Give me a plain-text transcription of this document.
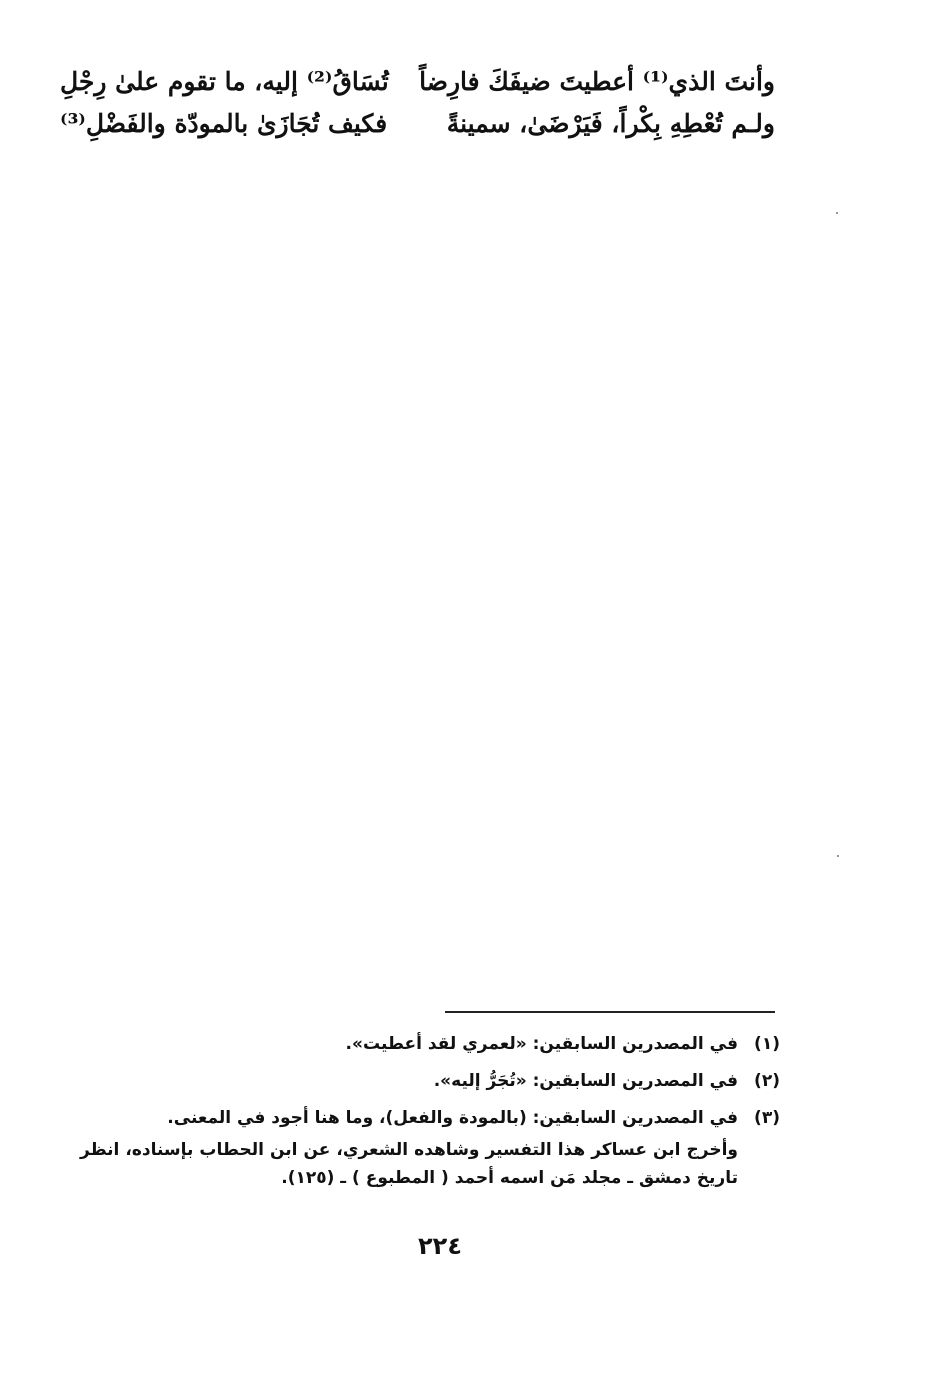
وأنتَ الذي⁽¹⁾ أعطيتَ ضيفَكَ فارِضاً
تُسَاقُ⁽²⁾ إليه، ما تقوم علىٰ رِجْلِ
ولـم تُعْطِهِ بِكْراً، فَيَرْضَىٰ، سمينةً
فكيف تُجَازَىٰ بالمودّة والفَضْلِ⁽³⁾
(١)
في المصدرين السابقين: «لعمري لقد أعطيت».
(٢)
في المصدرين السابقين: «تُجَرُّ إليه».
(٣)
في المصدرين السابقين: (بالمودة والفعل)، وما هنا أجود في المعنى.
وأخرج ابن عساكر هذا التفسير وشاهده الشعري، عن ابن الحطاب بإسناده، انظر تاريخ دمشق ـ مجلد مَن اسمه أحمد ( المطبوع ) ـ (١٢٥).
٢٢٤
